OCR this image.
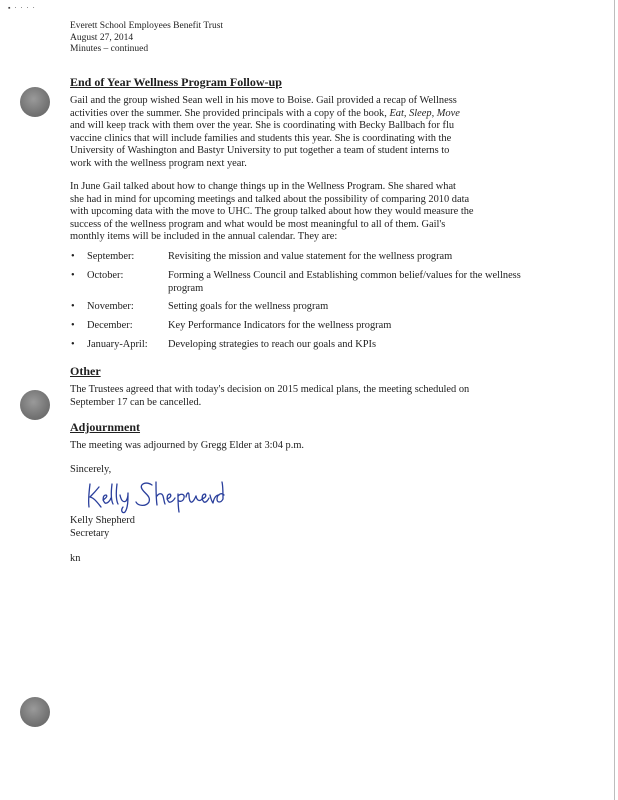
▪ · · · ·
Everett School Employees Benefit Trust
August 27, 2014
Minutes – continued
End of Year Wellness Program Follow-up
Gail and the group wished Sean well in his move to Boise. Gail provided a recap of Wellness
activities over the summer. She provided principals with a copy of the book, Eat, Sleep, Move
and will keep track with them over the year. She is coordinating with Becky Ballbach for flu
vaccine clinics that will include families and students this year. She is coordinating with the
University of Washington and Bastyr University to put together a team of student interns to
work with the wellness program next year.
In June Gail talked about how to change things up in the Wellness Program. She shared what
she had in mind for upcoming meetings and talked about the possibility of comparing 2010 data
with upcoming data with the move to UHC. The group talked about how they would measure the
success of the wellness program and what would be most meaningful to all of them. Gail's
monthly items will be included in the annual calendar. They are:
• September:	Revisiting the mission and value statement for the wellness program
• October:	Forming a Wellness Council and Establishing common belief/values for the wellness program
• November:	Setting goals for the wellness program
• December:	Key Performance Indicators for the wellness program
• January-April: Developing strategies to reach our goals and KPIs
Other
The Trustees agreed that with today's decision on 2015 medical plans, the meeting scheduled on
September 17 can be cancelled.
Adjournment
The meeting was adjourned by Gregg Elder at 3:04 p.m.
Sincerely,
Kelly Shepherd
Secretary
kn
